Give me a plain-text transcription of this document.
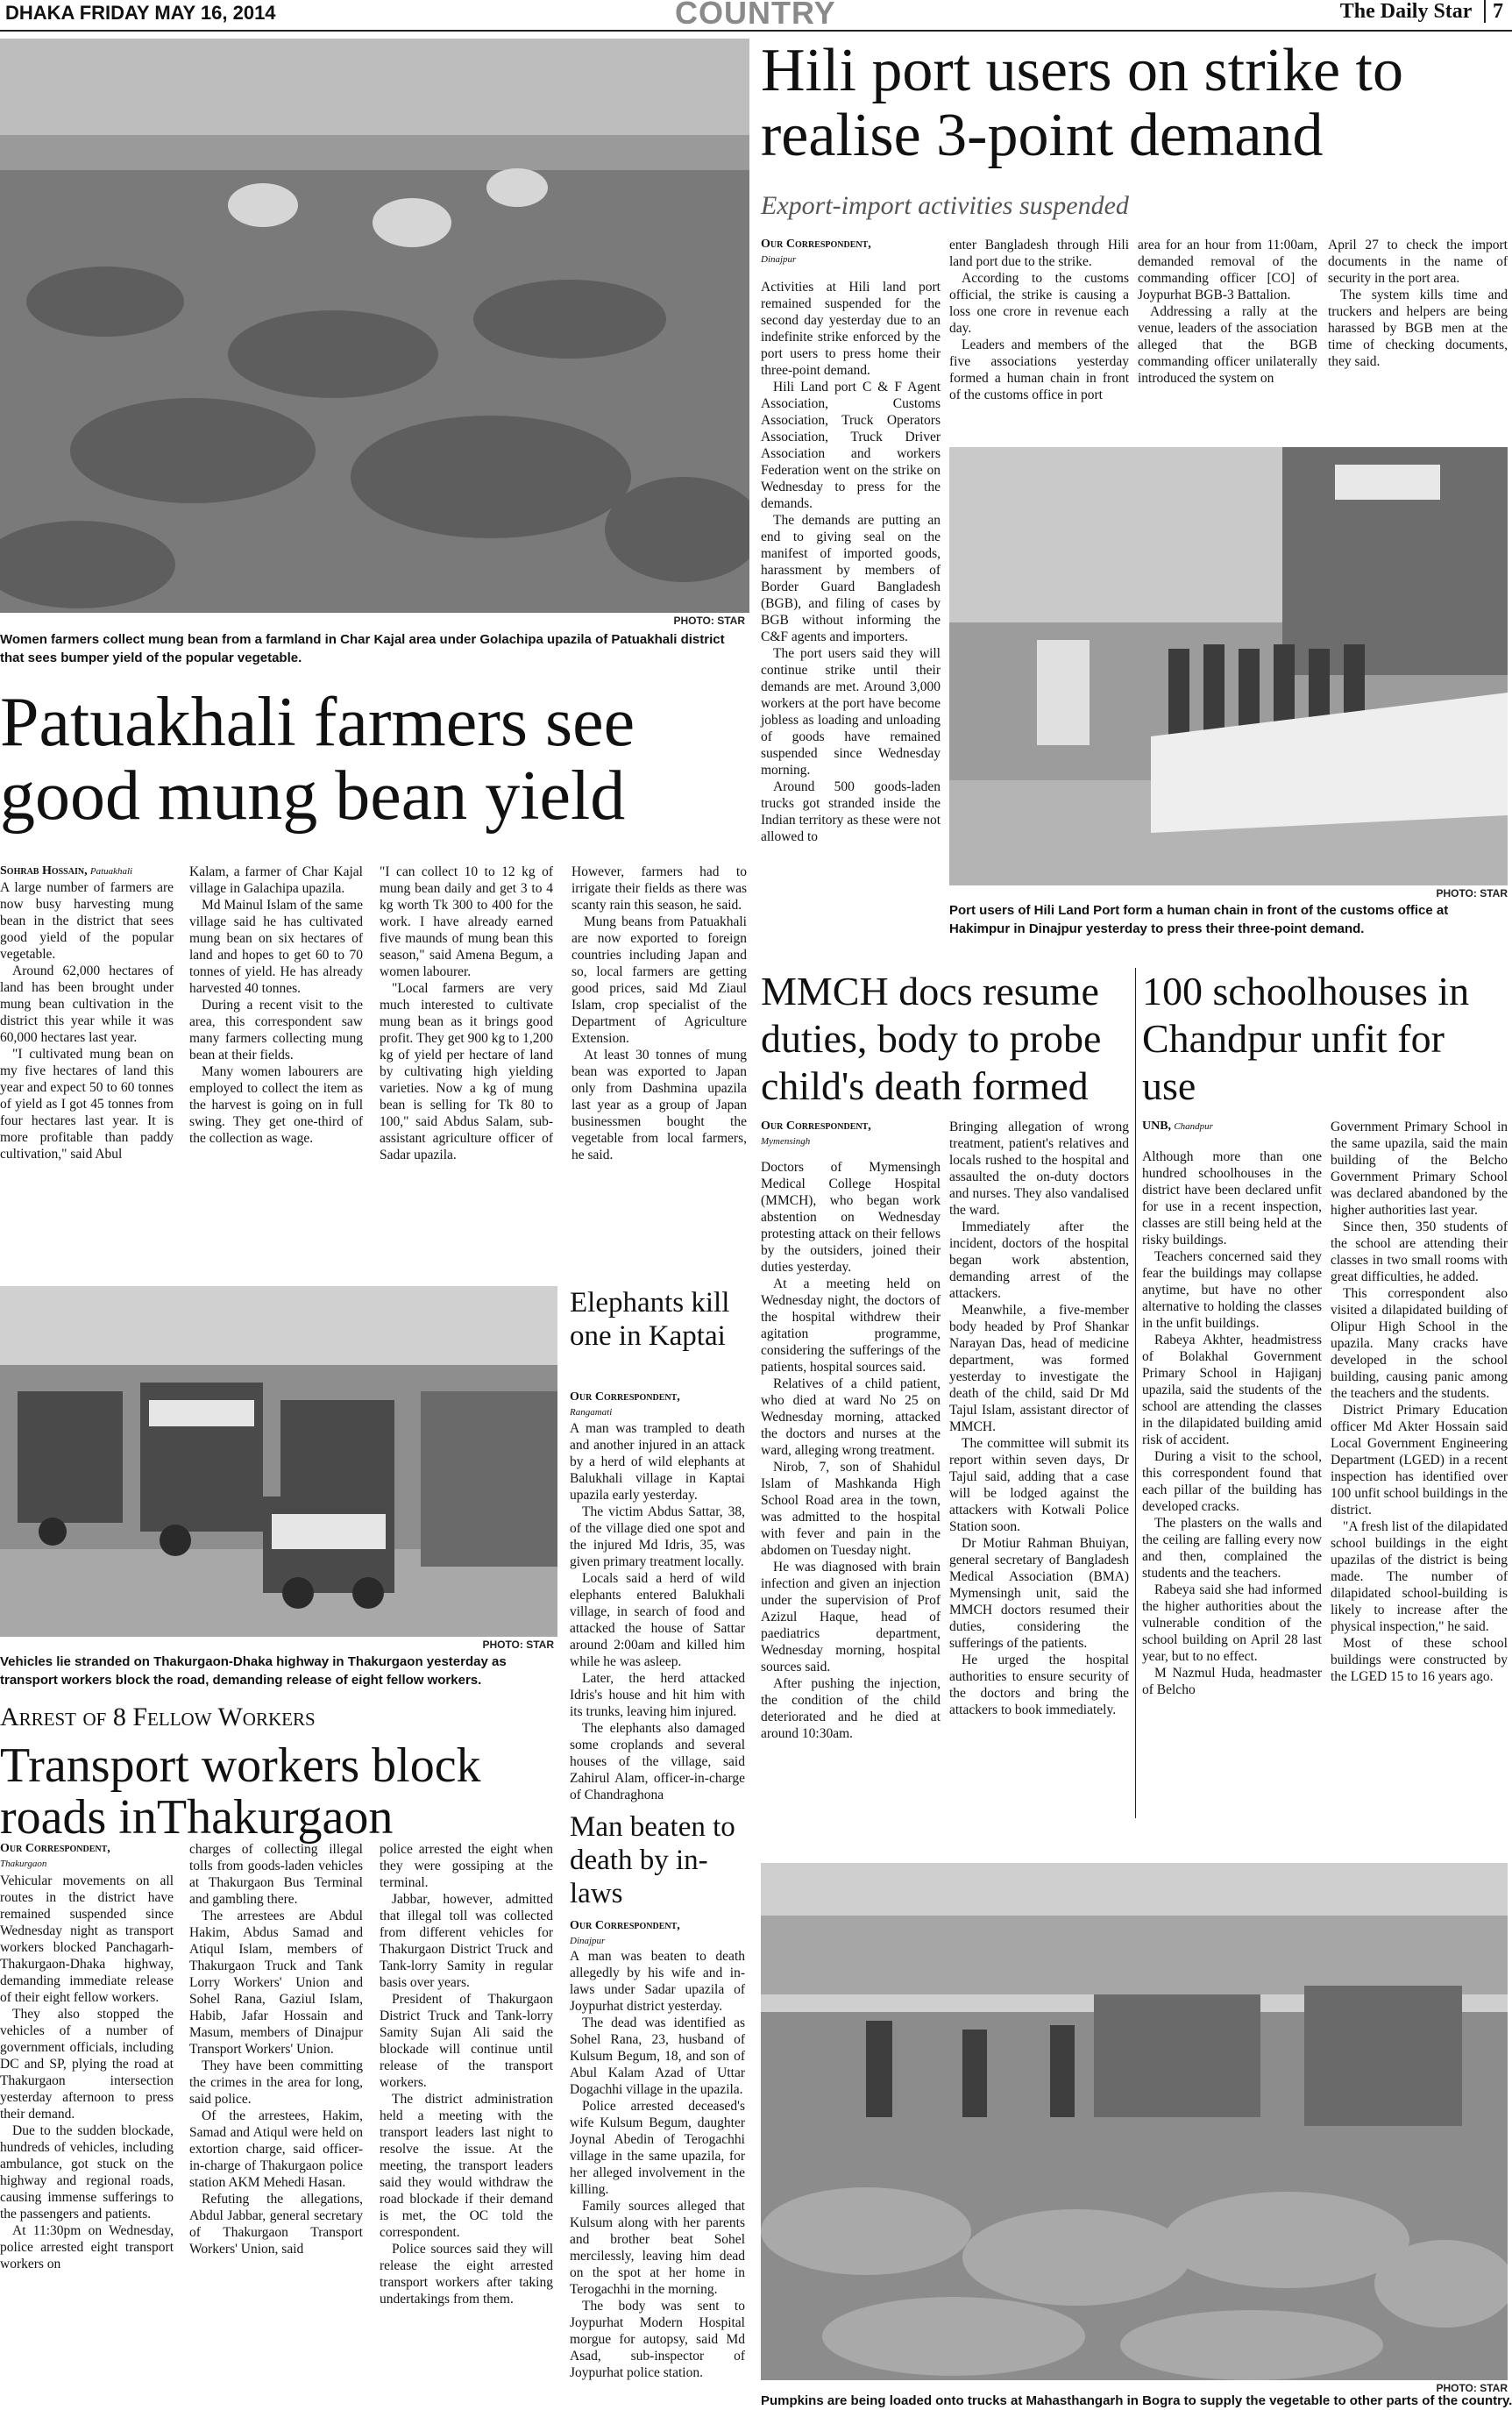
DHAKA FRIDAY MAY 16, 2014	COUNTRY	The Daily Star 7
PHOTO: STAR
Women farmers collect mung bean from a farmland in Char Kajal area under Golachipa upazila of Patuakhali district that sees bumper yield of the popular vegetable.
Patuakhali farmers see good mung bean yield
Sohrab Hossain, Patuakhali

A large number of farmers are now busy harvesting mung bean in the district that sees good yield of the popular vegetable.

Around 62,000 hectares of land has been brought under mung bean cultivation in the district this year while it was 60,000 hectares last year.

"I cultivated mung bean on my five hectares of land this year and expect 50 to 60 tonnes of yield as I got 45 tonnes from four hectares last year. It is more profitable than paddy cultivation," said Abul

Kalam, a farmer of Char Kajal village in Galachipa upazila.

Md Mainul Islam of the same village said he has cultivated mung bean on six hectares of land and hopes to get 60 to 70 tonnes of yield. He has already harvested 40 tonnes.

During a recent visit to the area, this correspondent saw many farmers collecting mung bean at their fields.

Many women labourers are employed to collect the item as the harvest is going on in full swing. They get one-third of the collection as wage.

"I can collect 10 to 12 kg of mung bean daily and get 3 to 4 kg worth Tk 300 to 400 for the work. I have already earned five maunds of mung bean this season," said Amena Begum, a women labourer.

"Local farmers are very much interested to cultivate mung bean as it brings good profit. They get 900 kg to 1,200 kg of yield per hectare of land by cultivating high yielding varieties. Now a kg of mung bean is selling for Tk 80 to 100," said Abdus Salam, sub-assistant agriculture officer of Sadar upazila.

However, farmers had to irrigate their fields as there was scanty rain this season, he said.

Mung beans from Patuakhali are now exported to foreign countries including Japan and so, local farmers are getting good prices, said Md Ziaul Islam, crop specialist of the Department of Agriculture Extension.

At least 30 tonnes of mung bean was exported to Japan only from Dashmina upazila last year as a group of Japan businessmen bought the vegetable from local farmers, he said.

Hili port users on strike to realise 3-point demand
Export-import activities suspended
Our Correspondent,
Dinajpur

Activities at Hili land port remained suspended for the second day yesterday due to an indefinite strike enforced by the port users to press home their three-point demand.

Hili Land port C & F Agent Association, Customs Association, Truck Operators Association, Truck Driver Association and workers Federation went on the strike on Wednesday to press for the demands.

The demands are putting an end to giving seal on the manifest of imported goods, harassment by members of Border Guard Bangladesh (BGB), and filing of cases by BGB without informing the C&F agents and importers.

The port users said they will continue strike until their demands are met. Around 3,000 workers at the port have become jobless as loading and unloading of goods have remained suspended since Wednesday morning.

Around 500 goods-laden trucks got stranded inside the Indian territory as these were not allowed to

enter Bangladesh through Hili land port due to the strike.

According to the customs official, the strike is causing a loss one crore in revenue each day.

Leaders and members of the five associations yesterday formed a human chain in front of the customs office in port

area for an hour from 11:00am, demanded removal of the commanding officer [CO] of Joypurhat BGB-3 Battalion.

Addressing a rally at the venue, leaders of the association alleged that the BGB commanding officer unilaterally introduced the system on

April 27 to check the import documents in the name of security in the port area.

The system kills time and truckers and helpers are being harassed by BGB men at the time of checking documents, they said.

PHOTO: STAR
Port users of Hili Land Port form a human chain in front of the customs office at Hakimpur in Dinajpur yesterday to press their three-point demand.
PHOTO: STAR
Vehicles lie stranded on Thakurgaon-Dhaka highway in Thakurgaon yesterday as transport workers block the road, demanding release of eight fellow workers.
Arrest of 8 Fellow Workers
Transport workers block roads inThakurgaon
Our Correspondent,
Thakurgaon

Vehicular movements on all routes in the district have remained suspended since Wednesday night as transport workers blocked Panchagarh-Thakurgaon-Dhaka highway, demanding immediate release of their eight fellow workers.

They also stopped the vehicles of a number of government officials, including DC and SP, plying the road at Thakurgaon intersection yesterday afternoon to press their demand.

Due to the sudden blockade, hundreds of vehicles, including ambulance, got stuck on the highway and regional roads, causing immense sufferings to the passengers and patients.

At 11:30pm on Wednesday, police arrested eight transport workers on

charges of collecting illegal tolls from goods-laden vehicles at Thakurgaon Bus Terminal and gambling there.

The arrestees are Abdul Hakim, Abdus Samad and Atiqul Islam, members of Thakurgaon Truck and Tank Lorry Workers' Union and Sohel Rana, Gaziul Islam, Habib, Jafar Hossain and Masum, members of Dinajpur Transport Workers' Union.

They have been committing the crimes in the area for long, said police.

Of the arrestees, Hakim, Samad and Atiqul were held on extortion charge, said officer-in-charge of Thakurgaon police station AKM Mehedi Hasan.

Refuting the allegations, Abdul Jabbar, general secretary of Thakurgaon Transport Workers' Union, said

police arrested the eight when they were gossiping at the terminal.

Jabbar, however, admitted that illegal toll was collected from different vehicles for Thakurgaon District Truck and Tank-lorry Samity in regular basis over years.

President of Thakurgaon District Truck and Tank-lorry Samity Sujan Ali said the blockade will continue until release of the transport workers.

The district administration held a meeting with the transport leaders last night to resolve the issue. At the meeting, the transport leaders said they would withdraw the road blockade if their demand is met, the OC told the correspondent.

Police sources said they will release the eight arrested transport workers after taking undertakings from them.

Elephants kill one in Kaptai
Our Correspondent,
Rangamati

A man was trampled to death and another injured in an attack by a herd of wild elephants at Balukhali village in Kaptai upazila early yesterday.

The victim Abdus Sattar, 38, of the village died one spot and the injured Md Idris, 35, was given primary treatment locally.

Locals said a herd of wild elephants entered Balukhali village, in search of food and attacked the house of Sattar around 2:00am and killed him while he was asleep.

Later, the herd attacked Idris's house and hit him with its trunks, leaving him injured.

The elephants also damaged some croplands and several houses of the village, said Zahirul Alam, officer-in-charge of Chandraghona

Man beaten to death by in-laws
Our Correspondent,
Dinajpur

A man was beaten to death allegedly by his wife and in-laws under Sadar upazila of Joypurhat district yesterday.

The dead was identified as Sohel Rana, 23, husband of Kulsum Begum, 18, and son of Abul Kalam Azad of Uttar Dogachhi village in the upazila.

Police arrested deceased's wife Kulsum Begum, daughter Joynal Abedin of Terogachhi village in the same upazila, for her alleged involvement in the killing.

Family sources alleged that Kulsum along with her parents and brother beat Sohel mercilessly, leaving him dead on the spot at her home in Terogachhi in the morning.

The body was sent to Joypurhat Modern Hospital morgue for autopsy, said Md Asad, sub-inspector of Joypurhat police station.

MMCH docs resume duties, body to probe child's death formed
Our Correspondent,
Mymensingh

Doctors of Mymensingh Medical College Hospital (MMCH), who began work abstention on Wednesday protesting attack on their fellows by the outsiders, joined their duties yesterday.

At a meeting held on Wednesday night, the doctors of the hospital withdrew their agitation programme, considering the sufferings of the patients, hospital sources said.

Relatives of a child patient, who died at ward No 25 on Wednesday morning, attacked the doctors and nurses at the ward, alleging wrong treatment.

Nirob, 7, son of Shahidul Islam of Mashkanda High School Road area in the town, was admitted to the hospital with fever and pain in the abdomen on Tuesday night.

He was diagnosed with brain infection and given an injection under the supervision of Prof Azizul Haque, head of paediatrics department, Wednesday morning, hospital sources said.

After pushing the injection, the condition of the child deteriorated and he died at around 10:30am.

Bringing allegation of wrong treatment, patient's relatives and locals rushed to the hospital and assaulted the on-duty doctors and nurses. They also vandalised the ward.

Immediately after the incident, doctors of the hospital began work abstention, demanding arrest of the attackers.

Meanwhile, a five-member body headed by Prof Shankar Narayan Das, head of medicine department, was formed yesterday to investigate the death of the child, said Dr Md Tajul Islam, assistant director of MMCH.

The committee will submit its report within seven days, Dr Tajul said, adding that a case will be lodged against the attackers with Kotwali Police Station soon.

Dr Motiur Rahman Bhuiyan, general secretary of Bangladesh Medical Association (BMA) Mymensingh unit, said the MMCH doctors resumed their duties, considering the sufferings of the patients.

He urged the hospital authorities to ensure security of the doctors and bring the attackers to book immediately.

100 schoolhouses in Chandpur unfit for use
UNB, Chandpur

Although more than one hundred schoolhouses in the district have been declared unfit for use in a recent inspection, classes are still being held at the risky buildings.

Teachers concerned said they fear the buildings may collapse anytime, but have no other alternative to holding the classes in the unfit buildings.

Rabeya Akhter, headmistress of Bolakhal Government Primary School in Hajiganj upazila, said the students of the school are attending the classes in the dilapidated building amid risk of accident.

During a visit to the school, this correspondent found that each pillar of the building has developed cracks.

The plasters on the walls and the ceiling are falling every now and then, complained the students and the teachers.

Rabeya said she had informed the higher authorities about the vulnerable condition of the school building on April 28 last year, but to no effect.

M Nazmul Huda, headmaster of Belcho

Government Primary School in the same upazila, said the main building of the Belcho Government Primary School was declared abandoned by the higher authorities last year.

Since then, 350 students of the school are attending their classes in two small rooms with great difficulties, he added.

This correspondent also visited a dilapidated building of Olipur High School in the upazila. Many cracks have developed in the school building, causing panic among the teachers and the students.

District Primary Education officer Md Akter Hossain said Local Government Engineering Department (LGED) in a recent inspection has identified over 100 unfit school buildings in the district.

"A fresh list of the dilapidated school buildings in the eight upazilas of the district is being made. The number of dilapidated school-building is likely to increase after the physical inspection," he said.

Most of these school buildings were constructed by the LGED 15 to 16 years ago.

PHOTO: STAR
Pumpkins are being loaded onto trucks at Mahasthangarh in Bogra to supply the vegetable to other parts of the country.
